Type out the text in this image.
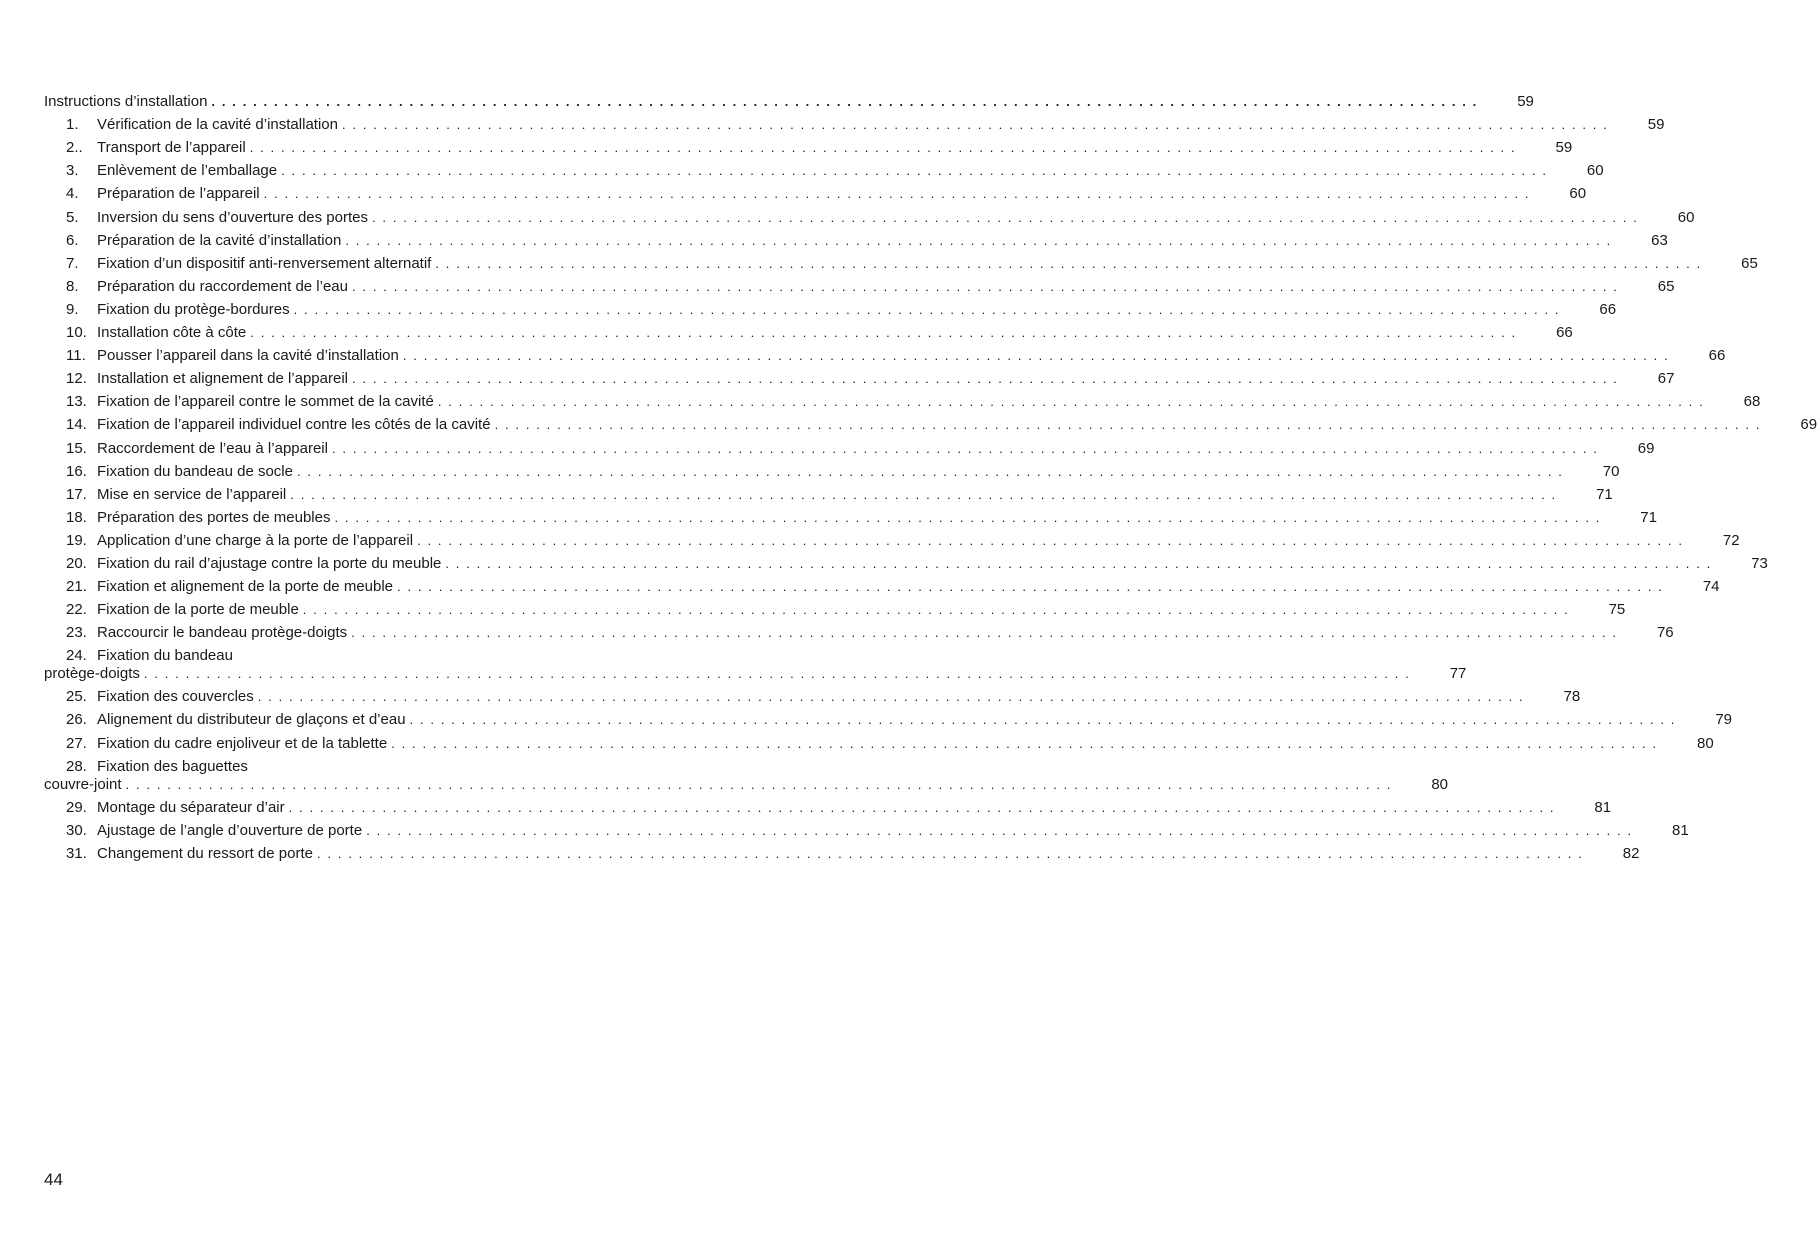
Instructions d’installation . . .	59
1.	Vérification de la cavité d’installation . . .	59
2.. Transport de l’appareil . . .	59
3.	Enlèvement de l’emballage . . .	60
4.	Préparation de l’appareil . . .	60
5.	Inversion du sens d’ouverture des portes . . .	60
6.	Préparation de la cavité d’installation . . .	63
7.	Fixation d’un dispositif anti-renversement alternatif . . .	65
8.	Préparation du raccordement de l’eau . . .	65
9.	Fixation du protège-bordures . . .	66
10. Installation côte à côte . . .	66
11. Pousser l’appareil dans la cavité d’installation . . .	66
12. Installation et alignement de l’appareil . . .	67
13. Fixation de l’appareil contre le sommet de la cavité . . .	68
14. Fixation de l’appareil individuel contre les côtés de la cavité . . .	69
15. Raccordement de l’eau à l’appareil . . .	69
16. Fixation du bandeau de socle . . .	70
17. Mise en service de l’appareil . . .	71
18. Préparation des portes de meubles . . .	71
19. Application d’une charge à la porte de l’appareil . . .	72
20. Fixation du rail d’ajustage contre la porte du meuble . . .	73
21. Fixation et alignement de la porte de meuble . . .	74
22. Fixation de la porte de meuble . . .	75
23. Raccourcir le bandeau protège-doigts . . .	76
24. Fixation du bandeau
protège-doigts . . .	77
25. Fixation des couvercles . . .	78
26. Alignement du distributeur de glaçons et d’eau . . .	79
27. Fixation du cadre enjoliveur et de la tablette . . .	80
28. Fixation des baguettes
couvre-joint . . .	80
29. Montage du séparateur d’air . . .	81
30. Ajustage de l’angle d’ouverture de porte . . .	81
31. Changement du ressort de porte . . .	82
44
